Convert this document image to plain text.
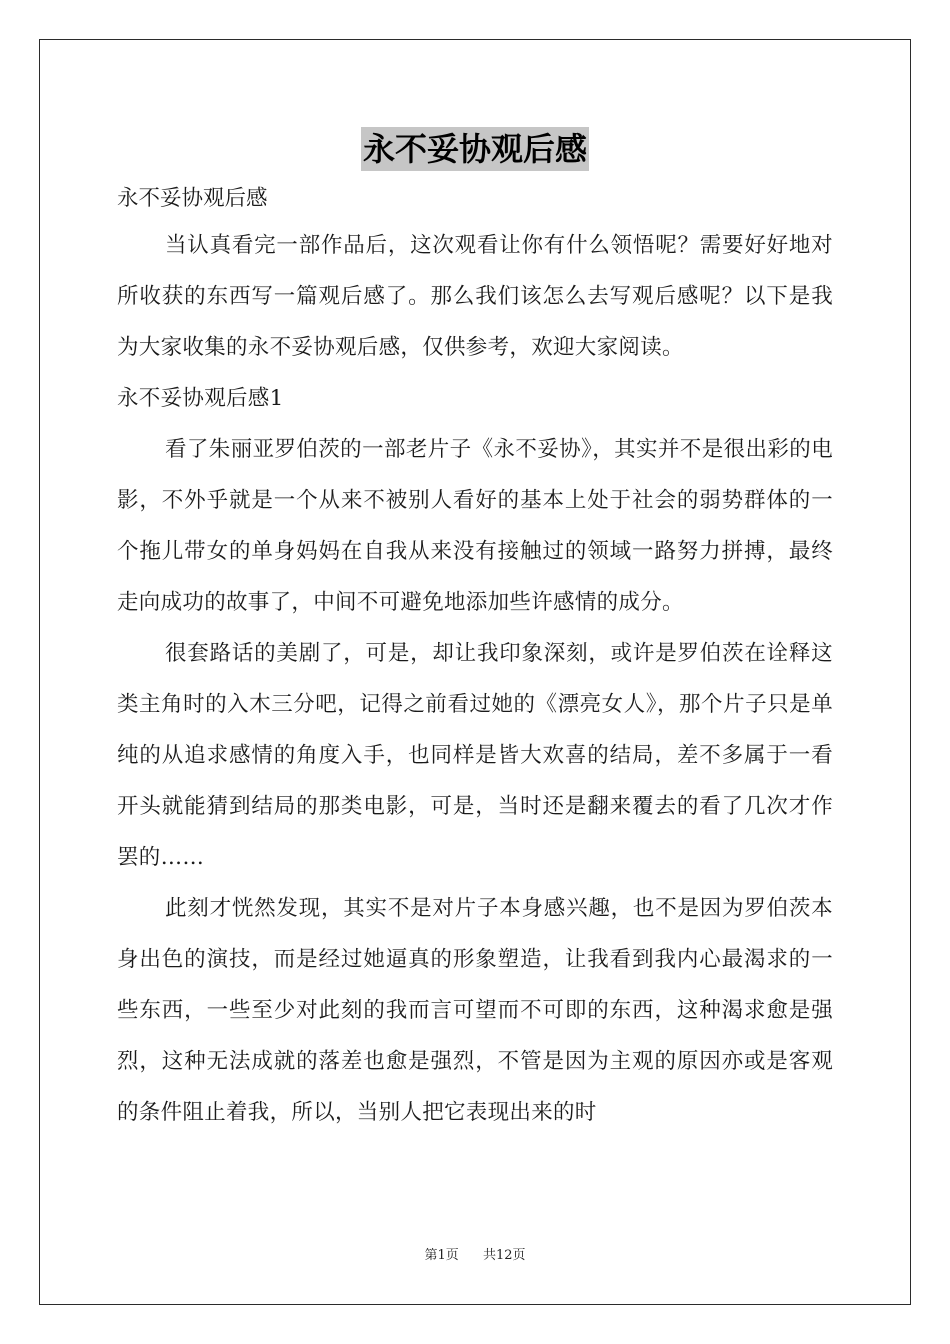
永不妥协观后感

永不妥协观后感

当认真看完一部作品后，这次观看让你有什么领悟呢？需要好好地对所收获的东西写一篇观后感了。那么我们该怎么去写观后感呢？以下是我为大家收集的永不妥协观后感，仅供参考，欢迎大家阅读。

永不妥协观后感1

看了朱丽亚罗伯茨的一部老片子《永不妥协》，其实并不是很出彩的电影，不外乎就是一个从来不被别人看好的基本上处于社会的弱势群体的一个拖儿带女的单身妈妈在自我从来没有接触过的领域一路努力拼搏，最终走向成功的故事了，中间不可避免地添加些许感情的成分。

很套路话的美剧了，可是，却让我印象深刻，或许是罗伯茨在诠释这类主角时的入木三分吧，记得之前看过她的《漂亮女人》，那个片子只是单纯的从追求感情的角度入手，也同样是皆大欢喜的结局，差不多属于一看开头就能猜到结局的那类电影，可是，当时还是翻来覆去的看了几次才作罢的……

此刻才恍然发现，其实不是对片子本身感兴趣，也不是因为罗伯茨本身出色的演技，而是经过她逼真的形象塑造，让我看到我内心最渴求的一些东西，一些至少对此刻的我而言可望而不可即的东西，这种渴求愈是强烈，这种无法成就的落差也愈是强烈，不管是因为主观的原因亦或是客观的条件阻止着我，所以，当别人把它表现出来的时

第1页 共12页
